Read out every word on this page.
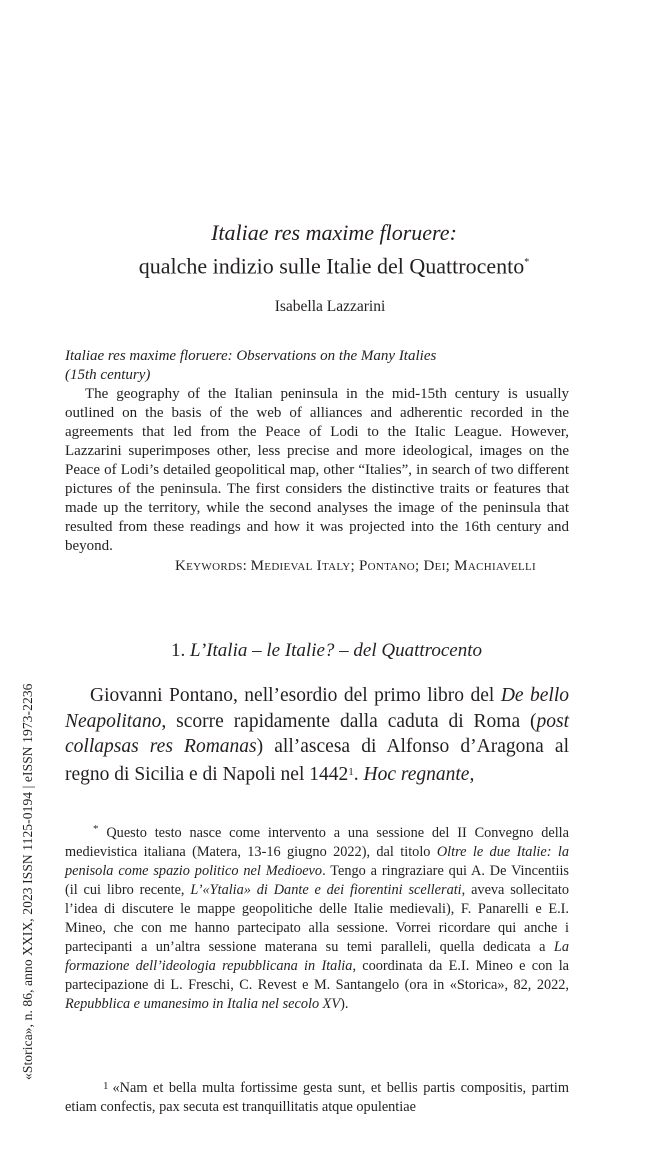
«Storica», n. 86, anno XXIX, 2023 ISSN 1125-0194 | eISSN 1973-2236
Italiae res maxime floruere:
qualche indizio sulle Italie del Quattrocento*
Isabella Lazzarini
Italiae res maxime floruere: Observations on the Many Italies
(15th century)
The geography of the Italian peninsula in the mid-15th century is usually outlined on the basis of the web of alliances and adherentic recorded in the agreements that led from the Peace of Lodi to the Italic League. However, Lazzarini superimposes other, less precise and more ideological, images on the Peace of Lodi’s detailed geopolitical map, other “Italies”, in search of two different pictures of the peninsula. The first considers the distinctive traits or features that made up the territory, while the second analyses the image of the peninsula that resulted from these readings and how it was projected into the 16th century and beyond.
Keywords: Medieval Italy; Pontano; Dei; Machiavelli
1. L’Italia – le Italie? – del Quattrocento
Giovanni Pontano, nell’esordio del primo libro del De bello Neapolitano, scorre rapidamente dalla caduta di Roma (post collapsas res Romanas) all’ascesa di Alfonso d’Aragona al regno di Sicilia e di Napoli nel 1442$^1$. Hoc regnante,
* Questo testo nasce come intervento a una sessione del II Convegno della medievistica italiana (Matera, 13-16 giugno 2022), dal titolo Oltre le due Italie: la penisola come spazio politico nel Medioevo. Tengo a ringraziare qui A. De Vincentiis (il cui libro recente, L’«Ytalia» di Dante e dei fiorentini scellerati, aveva sollecitato l’idea di discutere le mappe geopolitiche delle Italie medievali), F. Panarelli e E.I. Mineo, che con me hanno partecipato alla sessione. Vorrei ricordare qui anche i partecipanti a un’altra sessione materana su temi paralleli, quella dedicata a La formazione dell’ideologia repubblicana in Italia, coordinata da E.I. Mineo e con la partecipazione di L. Freschi, C. Revest e M. Santangelo (ora in «Storica», 82, 2022, Repubblica e umanesimo in Italia nel secolo XV).
$^1$ «Nam et bella multa fortissime gesta sunt, et bellis partis compositis, partim etiam confectis, pax secuta est tranquillitatis atque opulentiae
